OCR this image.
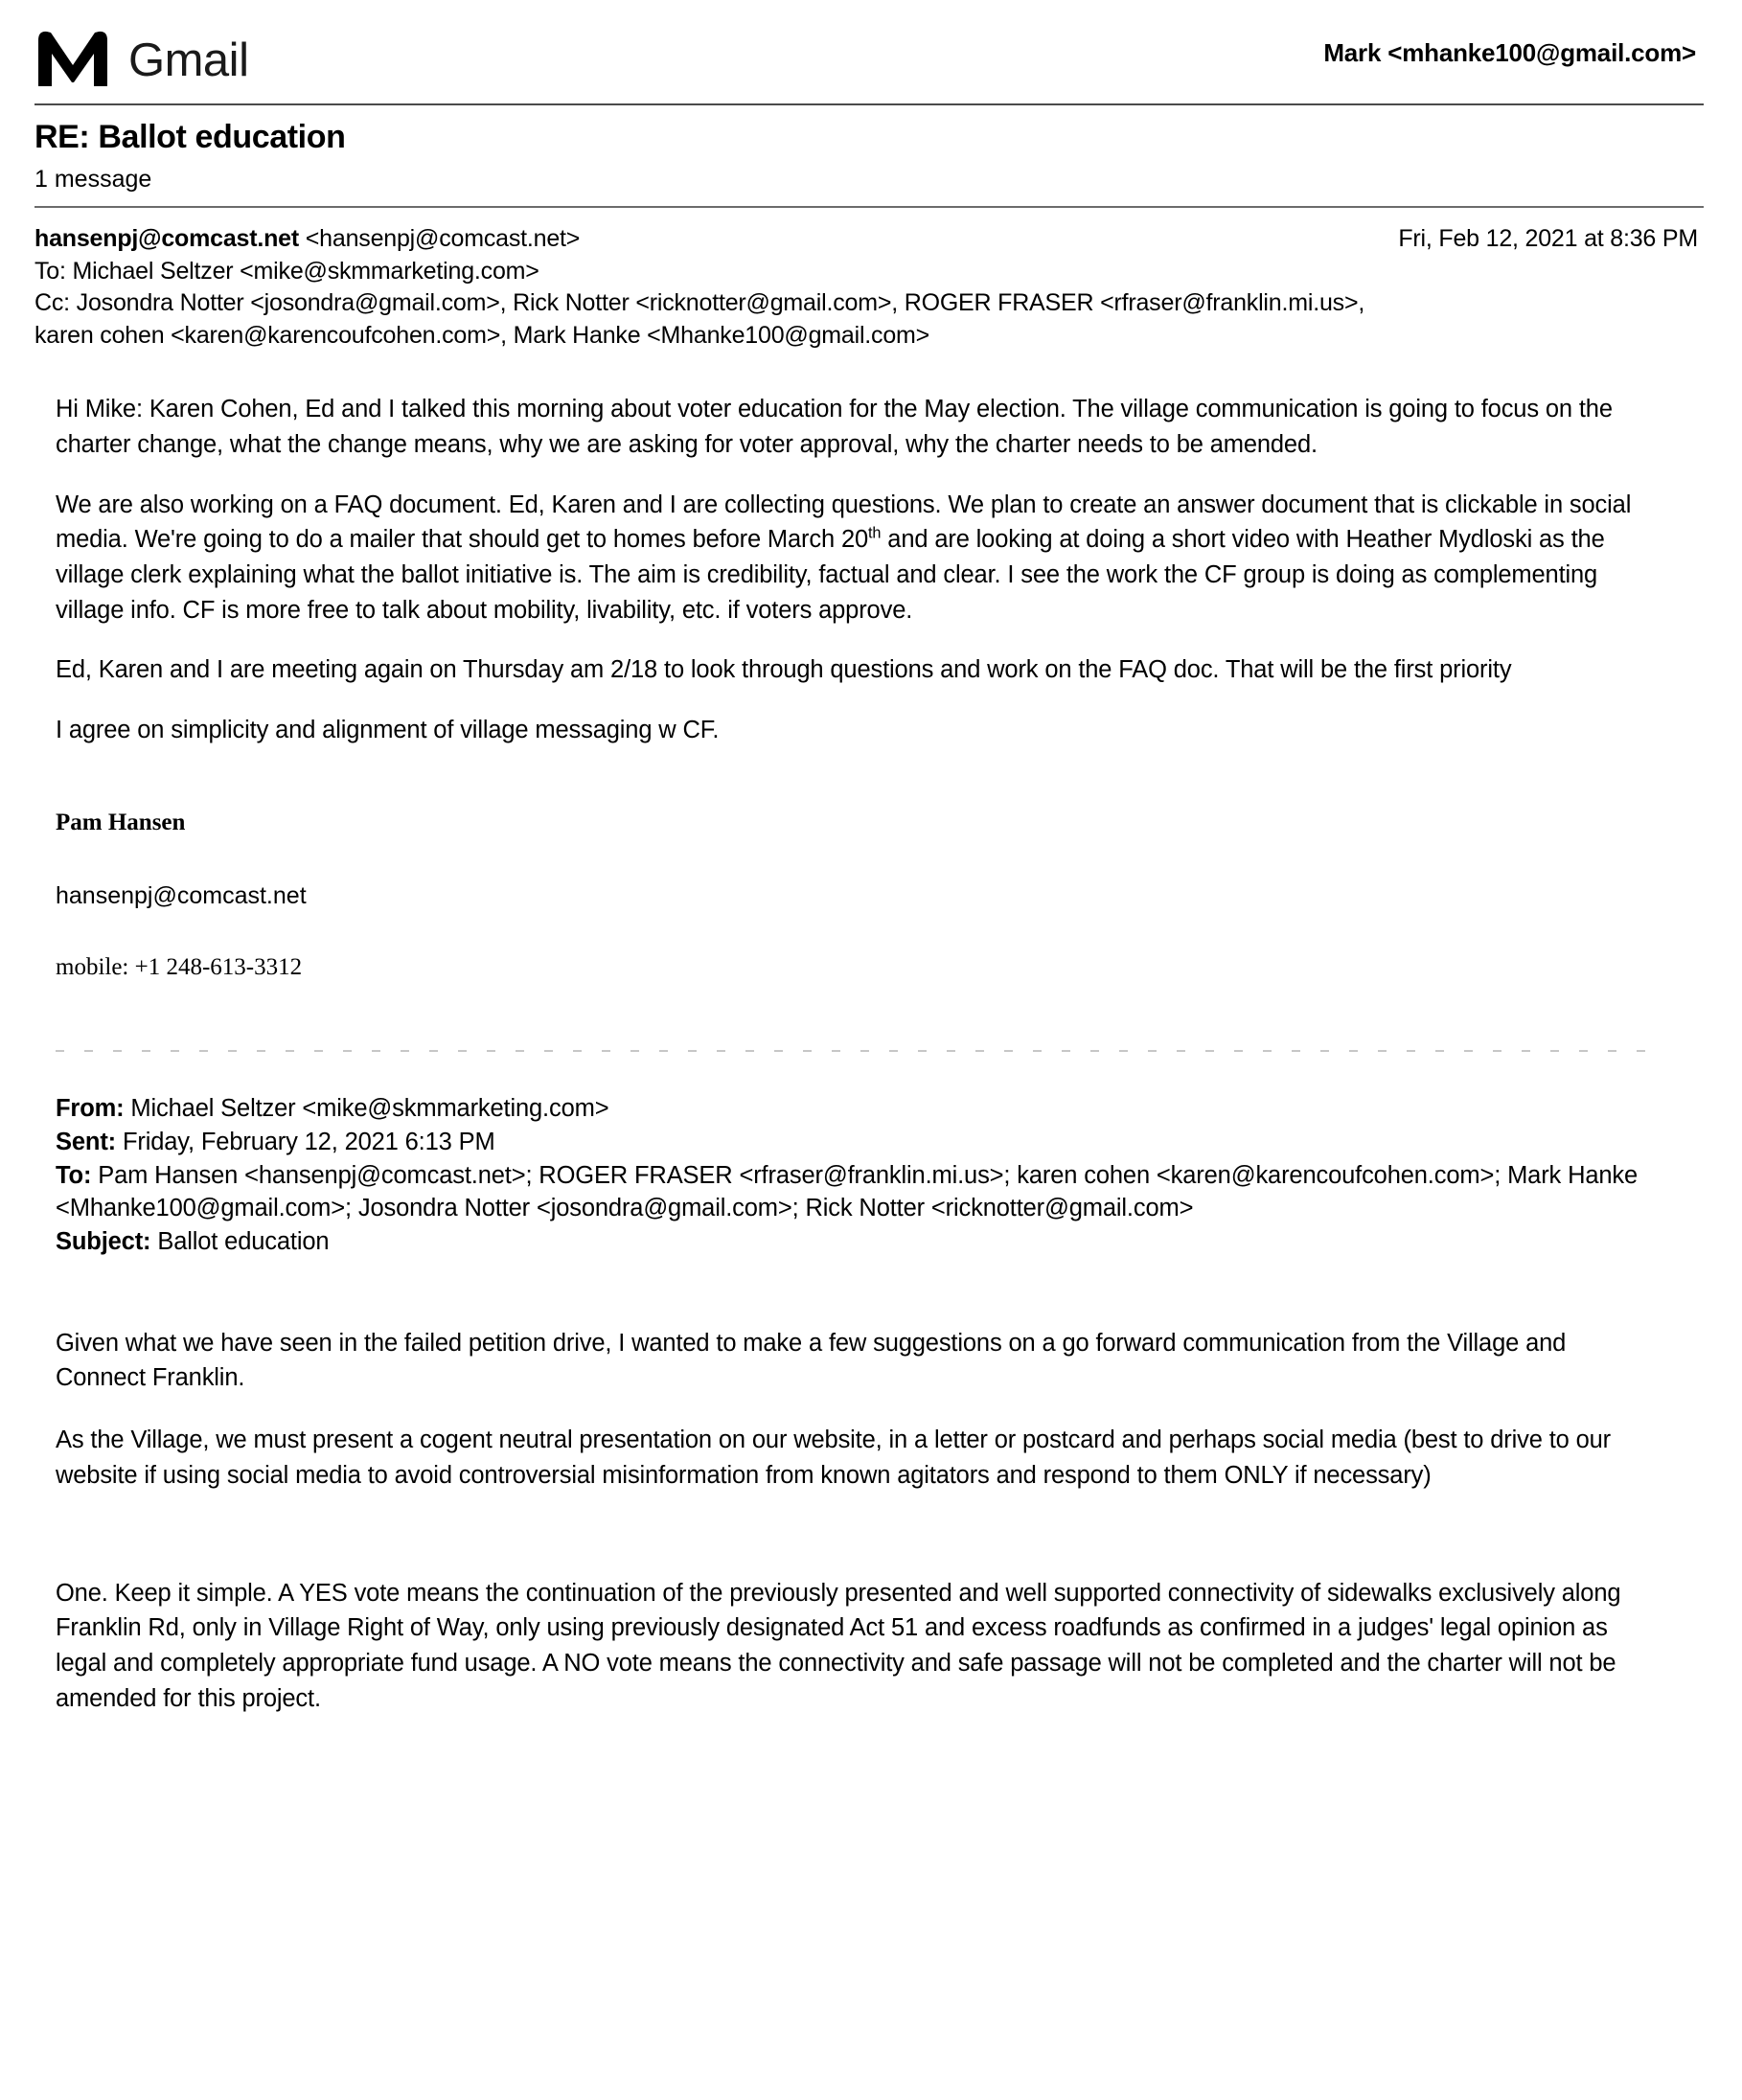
Gmail	Mark <mhanke100@gmail.com>
RE: Ballot education
1 message
hansenpj@comcast.net <hansenpj@comcast.net>	Fri, Feb 12, 2021 at 8:36 PM
To: Michael Seltzer <mike@skmmarketing.com>
Cc: Josondra Notter <josondra@gmail.com>, Rick Notter <ricknotter@gmail.com>, ROGER FRASER <rfraser@franklin.mi.us>,
karen cohen <karen@karencoufcohen.com>, Mark Hanke <Mhanke100@gmail.com>

Hi Mike: Karen Cohen, Ed and I talked this morning about voter education for the May election. The village communication is going to focus on the charter change, what the change means, why we are asking for voter approval, why the charter needs to be amended.

We are also working on a FAQ document. Ed, Karen and I are collecting questions. We plan to create an answer document that is clickable in social media. We're going to do a mailer that should get to homes before March 20th and are looking at doing a short video with Heather Mydloski as the village clerk explaining what the ballot initiative is. The aim is credibility, factual and clear. I see the work the CF group is doing as complementing village info. CF is more free to talk about mobility, livability, etc. if voters approve.

Ed, Karen and I are meeting again on Thursday am 2/18 to look through questions and work on the FAQ doc. That will be the first priority

I agree on simplicity and alignment of village messaging w CF.

Pam Hansen

hansenpj@comcast.net

mobile: +1 248-613-3312

From: Michael Seltzer <mike@skmmarketing.com>
Sent: Friday, February 12, 2021 6:13 PM
To: Pam Hansen <hansenpj@comcast.net>; ROGER FRASER <rfraser@franklin.mi.us>; karen cohen <karen@karencoufcohen.com>; Mark Hanke <Mhanke100@gmail.com>; Josondra Notter <josondra@gmail.com>; Rick Notter <ricknotter@gmail.com>
Subject: Ballot education

Given what we have seen in the failed petition drive, I wanted to make a few suggestions on a go forward communication from the Village and Connect Franklin.

As the Village, we must present a cogent neutral presentation on our website, in a letter or postcard and perhaps social media (best to drive to our website if using social media to avoid controversial misinformation from known agitators and respond to them ONLY if necessary)

One. Keep it simple. A YES vote means the continuation of the previously presented and well supported connectivity of sidewalks exclusively along Franklin Rd, only in Village Right of Way, only using previously designated Act 51 and excess roadfunds as confirmed in a judges' legal opinion as legal and completely appropriate fund usage. A NO vote means the connectivity and safe passage will not be completed and the charter will not be amended for this project.
